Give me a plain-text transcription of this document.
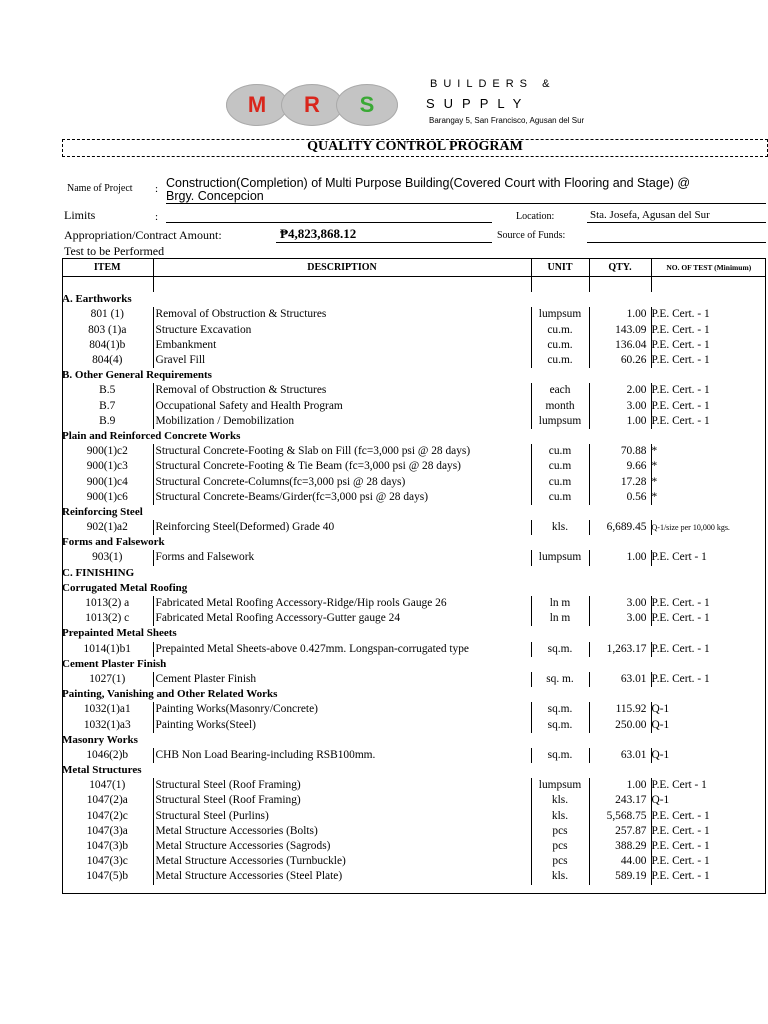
M	R	S
BUILDERS &
SUPPLY
Barangay 5, San Francisco, Agusan del Sur
QUALITY CONTROL PROGRAM
Name of Project : Construction(Completion) of Multi Purpose Building(Covered Court with Flooring and Stage) @
Brgy. Concepcion
Limits	:	Location:	Sta. Josefa, Agusan del Sur
Appropriation/Contract Amount:	₱4,823,868.12	Source of Funds:
Test to be Performed
ITEM	DESCRIPTION	UNIT	QTY.	NO. OF TEST (Minimum)

A. Earthworks				
801 (1)	Removal of Obstruction & Structures	lumpsum	1.00	P.E. Cert. - 1
803 (1)a	Structure Excavation	cu.m.	143.09	P.E. Cert. - 1
804(1)b	Embankment	cu.m.	136.04	P.E. Cert. - 1
804(4)	Gravel Fill	cu.m.	60.26	P.E. Cert. - 1
B. Other General Requirements				
B.5	Removal of Obstruction & Structures	each	2.00	P.E. Cert. - 1
B.7	Occupational Safety and Health Program	month	3.00	P.E. Cert. - 1
B.9	Mobilization / Demobilization	lumpsum	1.00	P.E. Cert. - 1
Plain and Reinforced Concrete Works				
900(1)c2	Structural Concrete-Footing & Slab on Fill (fc=3,000 psi @ 28 days)	cu.m	70.88	*
900(1)c3	Structural Concrete-Footing & Tie Beam (fc=3,000 psi @ 28 days)	cu.m	9.66	*
900(1)c4	Structural Concrete-Columns(fc=3,000 psi @ 28 days)	cu.m	17.28	*
900(1)c6	Structural Concrete-Beams/Girder(fc=3,000 psi @ 28 days)	cu.m	0.56	*
Reinforcing Steel				
902(1)a2	Reinforcing Steel(Deformed) Grade 40	kls.	6,689.45	Q-1/size per 10,000 kgs.
Forms and Falsework				
903(1)	Forms and Falsework	lumpsum	1.00	P.E. Cert - 1
C. FINISHING				
Corrugated Metal Roofing				
1013(2) a	Fabricated Metal Roofing Accessory-Ridge/Hip rools Gauge 26	ln m	3.00	P.E. Cert. - 1
1013(2) c	Fabricated Metal Roofing Accessory-Gutter gauge 24	ln m	3.00	P.E. Cert. - 1
Prepainted Metal Sheets				
1014(1)b1	Prepainted Metal Sheets-above 0.427mm. Longspan-corrugated type	sq.m.	1,263.17	P.E. Cert. - 1
Cement Plaster Finish				
1027(1)	Cement Plaster Finish	sq. m.	63.01	P.E. Cert. - 1
Painting, Vanishing and Other Related Works				
1032(1)a1	Painting Works(Masonry/Concrete)	sq.m.	115.92	Q-1
1032(1)a3	Painting Works(Steel)	sq.m.	250.00	Q-1
Masonry Works				
1046(2)b	CHB Non Load Bearing-including RSB100mm.	sq.m.	63.01	Q-1
Metal Structures				
1047(1)	Structural Steel (Roof Framing)	lumpsum	1.00	P.E. Cert - 1
1047(2)a	Structural Steel (Roof Framing)	kls.	243.17	Q-1
1047(2)c	Structural Steel (Purlins)	kls.	5,568.75	P.E. Cert. - 1
1047(3)a	Metal Structure Accessories (Bolts)	pcs	257.87	P.E. Cert. - 1
1047(3)b	Metal Structure Accessories (Sagrods)	pcs	388.29	P.E. Cert. - 1
1047(3)c	Metal Structure Accessories (Turnbuckle)	pcs	44.00	P.E. Cert. - 1
1047(5)b	Metal Structure Accessories (Steel Plate)	kls.	589.19	P.E. Cert. - 1
